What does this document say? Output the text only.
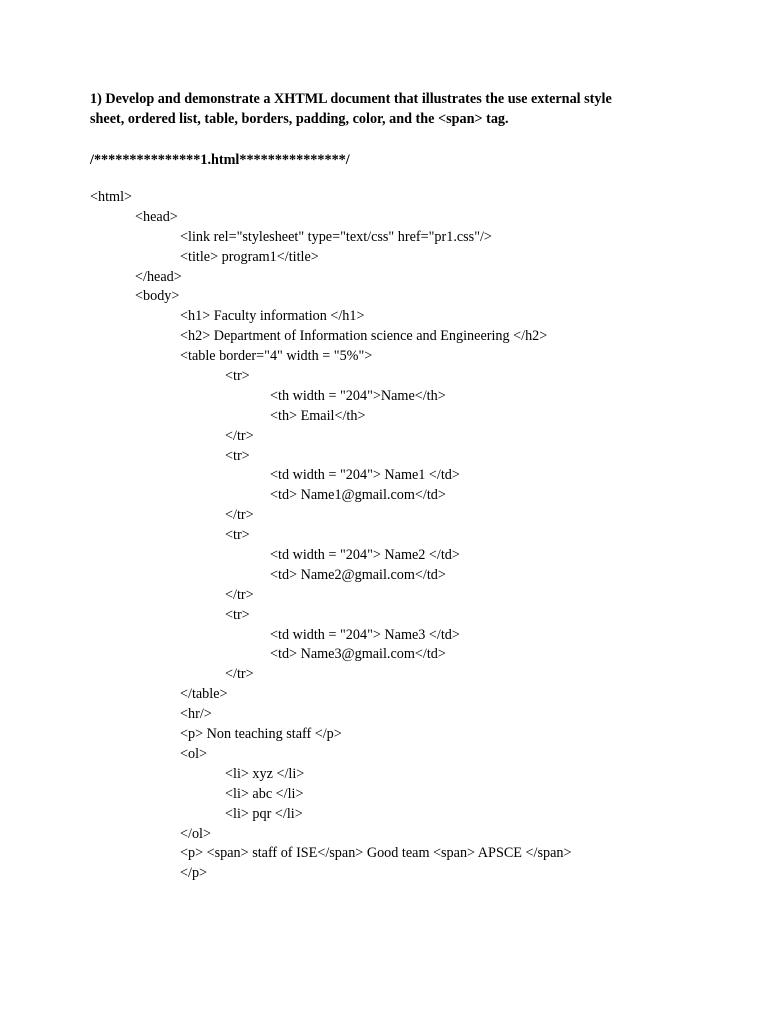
1) Develop and demonstrate a XHTML document that illustrates the use external style
sheet, ordered list, table, borders, padding, color, and the <span> tag.
/***************1.html***************/
<html>
<head>
<link rel="stylesheet" type="text/css" href="pr1.css"/>
<title> program1</title>
</head>
<body>
<h1> Faculty information </h1>
<h2> Department of Information science and Engineering </h2>
<table border="4" width = "5%">
<tr>
<th width = "204">Name</th>
<th> Email</th>
</tr>
<tr>
<td width = "204"> Name1 </td>
<td> Name1@gmail.com</td>
</tr>
<tr>
<td width = "204"> Name2 </td>
<td> Name2@gmail.com</td>
</tr>
<tr>
<td width = "204"> Name3 </td>
<td> Name3@gmail.com</td>
</tr>
</table>
<hr/>
<p> Non teaching staff </p>
<ol>
<li> xyz </li>
<li> abc </li>
<li> pqr </li>
</ol>
<p> <span> staff of ISE</span> Good team <span> APSCE </span>
</p>
